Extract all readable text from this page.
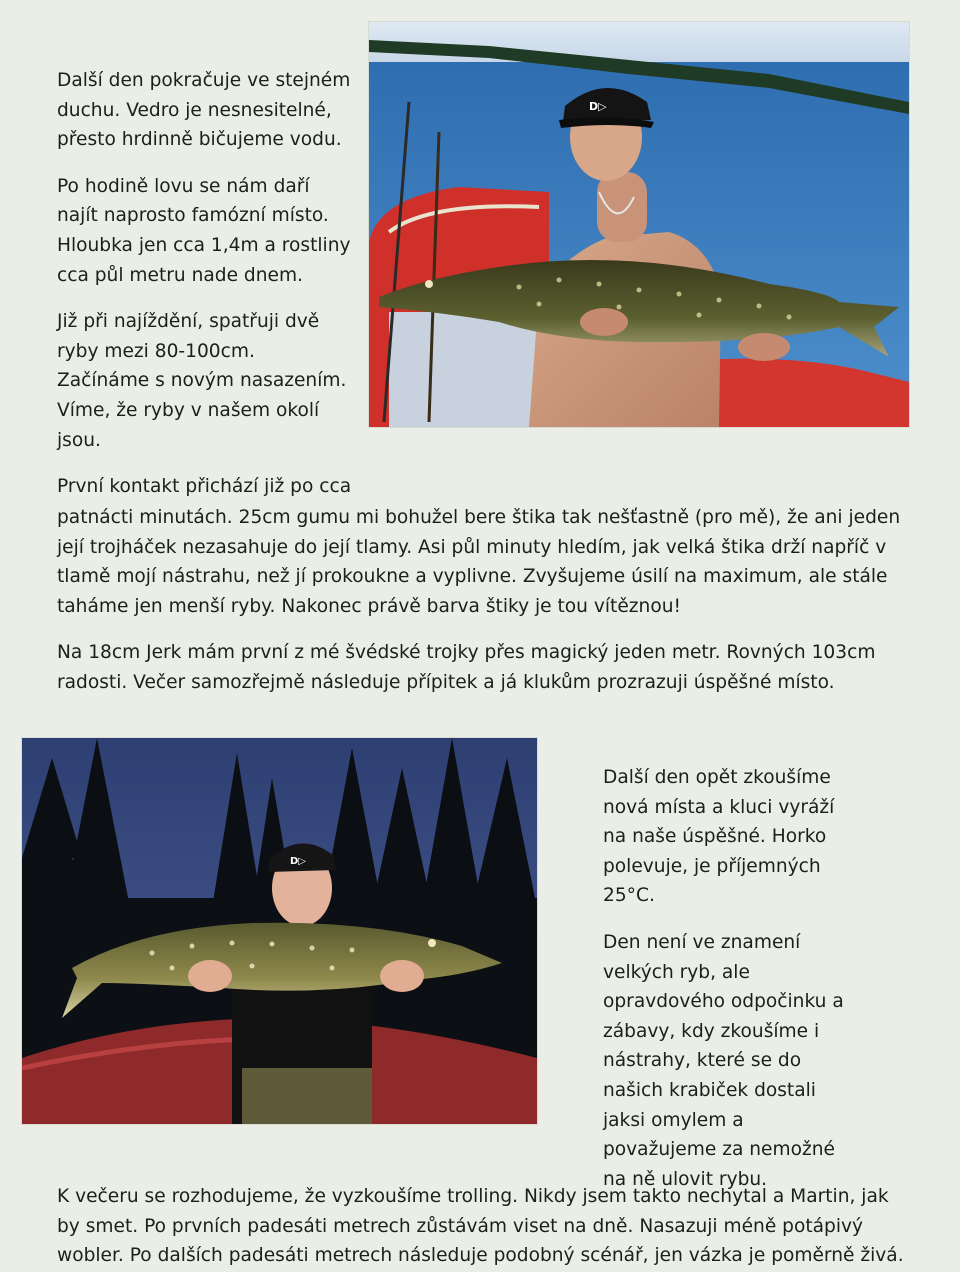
Další den pokračuje ve stejném duchu. Vedro je nesnesitelné, přesto hrdinně bičujeme vodu.

Po hodině lovu se nám daří najít naprosto famózní místo. Hloubka jen cca 1,4m a rostliny cca půl metru nade dnem.

Již při najíždění, spatřuji dvě ryby mezi 80-100cm. Začínáme s novým nasazením. Víme, že ryby v našem okolí jsou.

První kontakt přichází již po cca

D▷

patnácti minutách. 25cm gumu mi bohužel bere štika tak nešťastně (pro mě), že ani jeden její trojháček nezasahuje do její tlamy. Asi půl minuty hledím, jak velká štika drží napříč v tlamě mojí nástrahu, než jí prokoukne a vyplivne. Zvyšujeme úsilí na maximum, ale stále taháme jen menší ryby. Nakonec právě barva štiky je tou vítěznou!

Na 18cm Jerk mám první z mé švédské trojky přes magický jeden metr. Rovných 103cm radosti. Večer samozřejmě následuje přípitek a já klukům prozrazuji úspěšné místo.

D▷

Další den opět zkoušíme nová místa a kluci vyráží na naše úspěšné. Horko polevuje, je příjemných 25°C.

Den není ve znamení velkých ryb, ale opravdového odpočinku a zábavy, kdy zkoušíme i nástrahy, které se do našich krabiček dostali jaksi omylem a považujeme za nemožné na ně ulovit rybu.

K večeru se rozhodujeme, že vyzkoušíme trolling. Nikdy jsem takto nechytal a Martin, jak by smet. Po prvních padesáti metrech zůstávám viset na dně. Nasazuji méně potápivý wobler. Po dalších padesáti metrech následuje podobný scénář, jen vázka je poměrně živá.
